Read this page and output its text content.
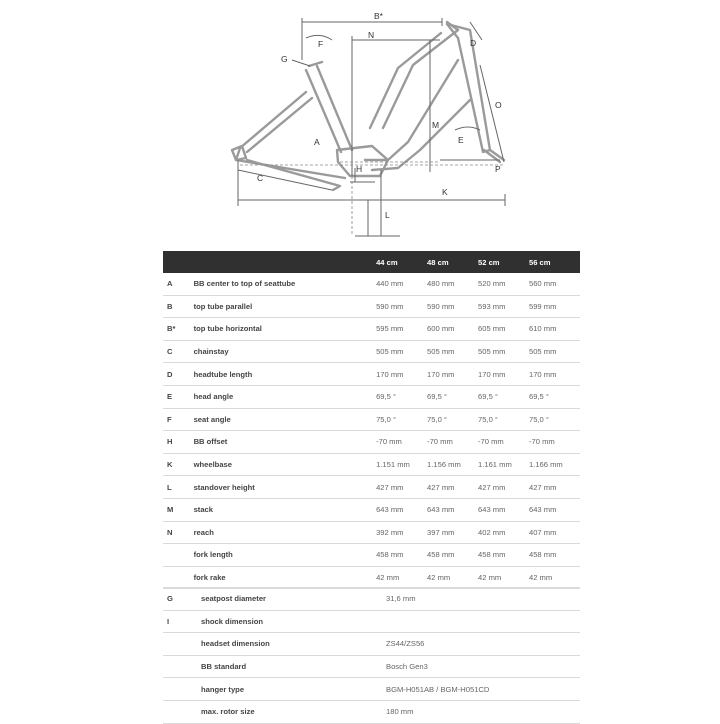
B*
N
F	D
G
O
M
E
A
P
H
C
K
L
		44 cm	48 cm	52 cm	56 cm
A	BB center to top of seattube	440 mm	480 mm	520 mm	560 mm
B	top tube parallel	590 mm	590 mm	593 mm	599 mm
B*	top tube horizontal	595 mm	600 mm	605 mm	610 mm
C	chainstay	505 mm	505 mm	505 mm	505 mm
D	headtube length	170 mm	170 mm	170 mm	170 mm
E	head angle	69,5 °	69,5 °	69,5 °	69,5 °
F	seat angle	75,0 °	75,0 °	75,0 °	75,0 °
H	BB offset	-70 mm	-70 mm	-70 mm	-70 mm
K	wheelbase	1.151 mm	1.156 mm	1.161 mm	1.166 mm
L	standover height	427 mm	427 mm	427 mm	427 mm
M	stack	643 mm	643 mm	643 mm	643 mm
N	reach	392 mm	397 mm	402 mm	407 mm
	fork length	458 mm	458 mm	458 mm	458 mm
	fork rake	42 mm	42 mm	42 mm	42 mm
G	seatpost diameter	31,6 mm
I	shock dimension	
	headset dimension	ZS44/ZS56
	BB standard	Bosch Gen3
	hanger type	BGM-H051AB / BGM-H051CD
	max. rotor size	180 mm
